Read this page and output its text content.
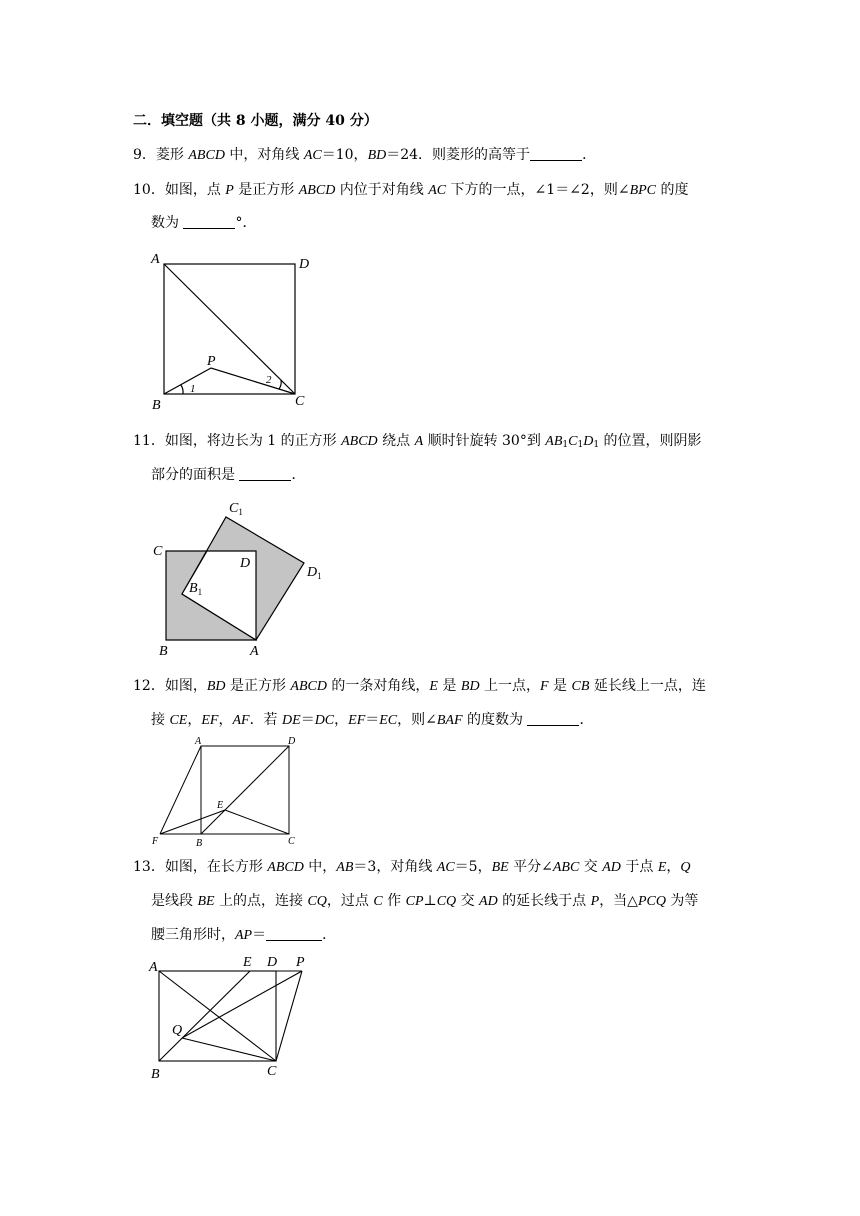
二．填空题（共 8 小题，满分 40 分）
9．菱形 ABCD 中，对角线 AC＝10，BD＝24．则菱形的高等于	．
10．如图，点 P 是正方形 ABCD 内位于对角线 AC 下方的一点，∠1＝∠2，则∠BPC 的度
数为	°．
A	D
B	C
P
1
2
11．如图，将边长为 1 的正方形 ABCD 绕点 A 顺时针旋转 30°到 $AB_1C_1D_1$ 的位置，则阴影
部分的面积是	．
C
D
B	A
$B_1$
$C_1$
$D_1$
12．如图，BD 是正方形 ABCD 的一条对角线，E 是 BD 上一点，F 是 CB 延长线上一点，连
接 CE，EF，AF．若 DE＝DC，EF＝EC，则∠BAF 的度数为	．
A	D
E
F	B	C
13．如图，在长方形 ABCD 中，AB＝3，对角线 AC＝5，BE 平分∠ABC 交 AD 于点 E，Q
是线段 BE 上的点，连接 CQ，过点 C 作 CP⊥CQ 交 AD 的延长线于点 P，当△PCQ 为等
腰三角形时，AP＝	．
A	E D P
Q
B	C
